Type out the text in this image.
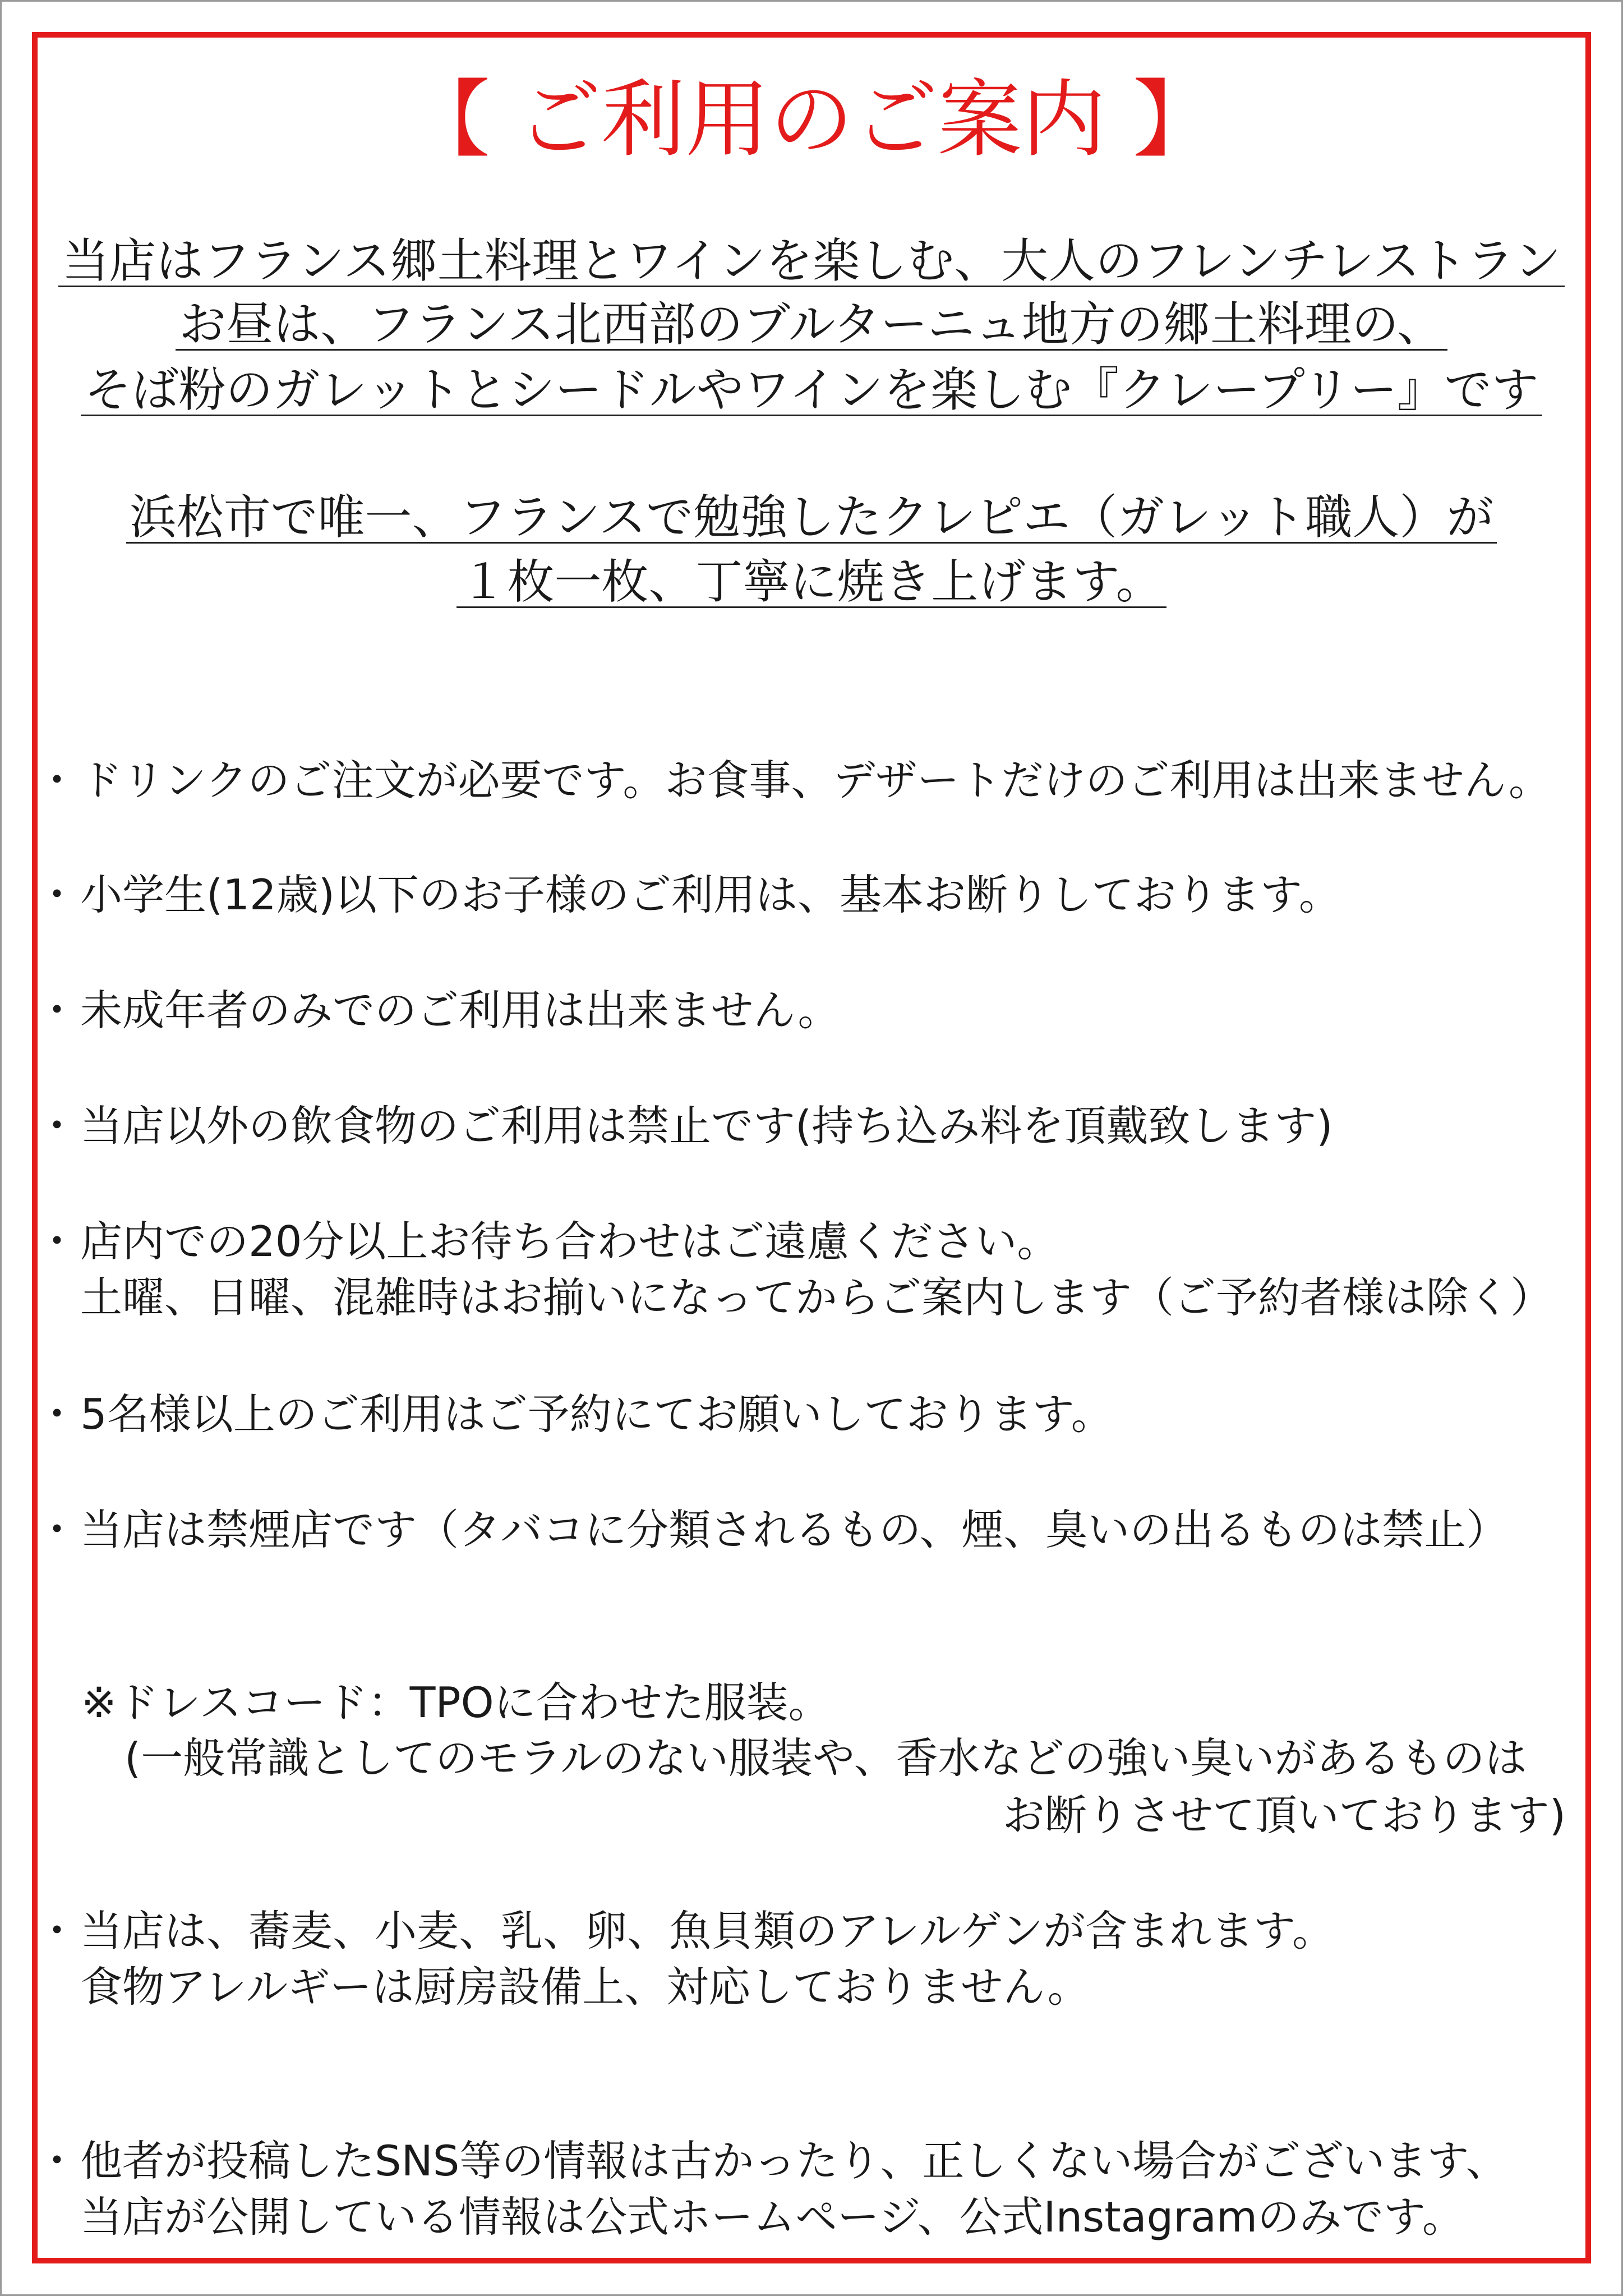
【 ご利用のご案内 】
当店はフランス郷土料理とワインを楽しむ、大人のフレンチレストラン
お昼は、フランス北西部のブルターニュ地方の郷土料理の、
そば粉のガレットとシードルやワインを楽しむ『クレープリー』です
浜松市で唯一、フランスで勉強したクレピエ（ガレット職人）が
１枚一枚、丁寧に焼き上げます。
・ ドリンクのご注文が必要です。お食事、デザートだけのご利用は出来ません。
・ 小学生(12歳)以下のお子様のご利用は、基本お断りしております。
・ 未成年者のみでのご利用は出来ません。
・ 当店以外の飲食物のご利用は禁止です(持ち込み料を頂戴致します)
・ 店内での20分以上お待ち合わせはご遠慮ください。
土曜、日曜、混雑時はお揃いになってからご案内します（ご予約者様は除く）
・ 5名様以上のご利用はご予約にてお願いしております。
・ 当店は禁煙店です（タバコに分類されるもの、煙、臭いの出るものは禁止）
※ドレスコード：TPOに合わせた服装。
(一般常識としてのモラルのない服装や、香水などの強い臭いがあるものは
お断りさせて頂いております)
・ 当店は、蕎麦、小麦、乳、卵、魚貝類のアレルゲンが含まれます。
食物アレルギーは厨房設備上、対応しておりません。
・ 他者が投稿したSNS等の情報は古かったり、正しくない場合がございます、
当店が公開している情報は公式ホームページ、公式Instagramのみです。
